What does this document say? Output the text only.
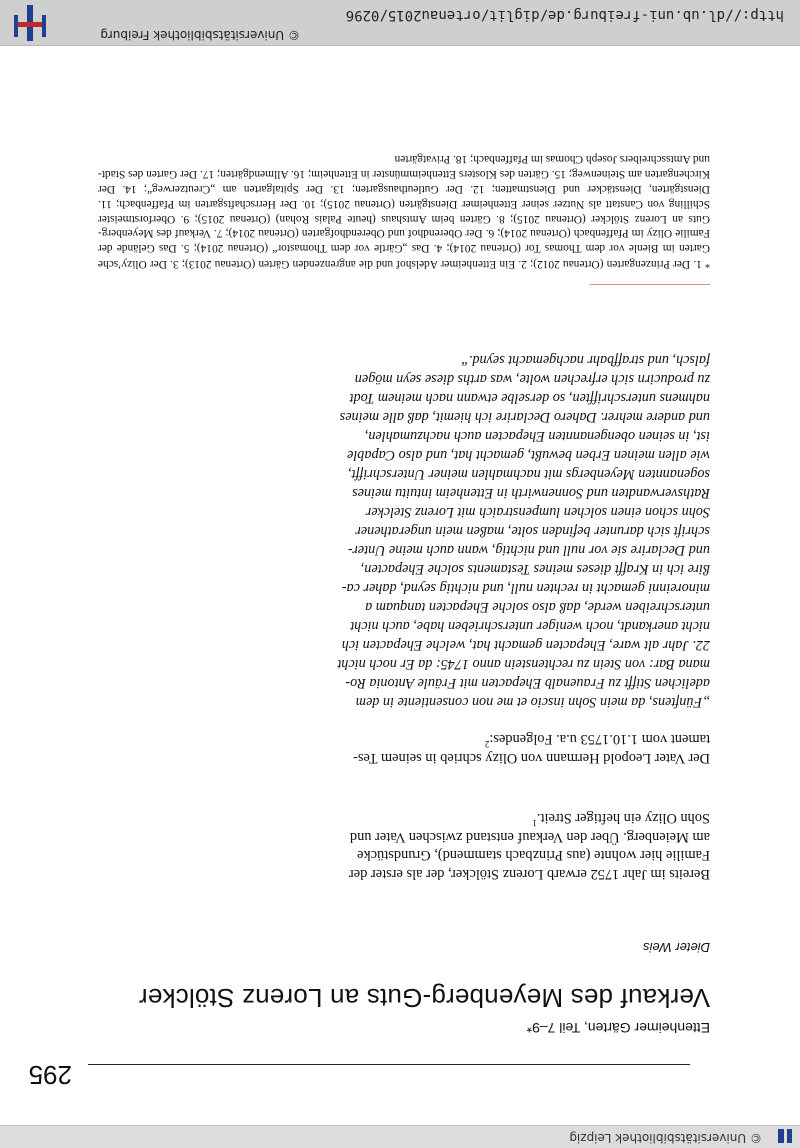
© Universitätsbibliothek Leipzig
295
Ettenheimer Gärten, Teil 7–9*
Verkauf des Meyenberg-Guts an Lorenz Stölcker
Dieter Weis

Bereits im Jahr 1752 erwarb Lorenz Stölcker, der als erster der

Familie hier wohnte (aus Prinzbach stammend), Grundstücke

am Meienberg. Über den Verkauf entstand zwischen Vater und

Sohn Olizy ein heftiger Streit.$^1$

Der Vater Leopold Hermann von Olizy schrieb in seinem Tes-

tament vom 1.10.1753 u.a. Folgendes:$^2$

„Fünftens, da mein Sohn inscio et me non consentiente in dem
adelichen Stifft zu Frauenalb Ehepacten mit Fräule Antonia Ro-
mana Bar: von Stein zu rechtenstein anno 1745: da Er noch nicht
22. Jahr alt ware, Ehepacten gemacht hat, welche Ehepacten ich
nicht anerkandt, noch weniger unterschrieben habe, auch nicht
unterschreiben werde, daß also solche Ehepacten tanquam a
minoreinni gemacht in rechten null, und nichtig seynd, daher ca-
ßire ich in Krafft dieses meines Testaments solche Ehepacten,
und Declarire sie vor null und nichtig, wann auch meine Unter-
schrift sich darunter befinden solte, maßen mein ungerathener
Sohn schon einen solchen lumpenstraich mit Lorenz Stelcker
Rathsverwandten und Sonnenwirth in Ettenheim intuitu meines
sogenannten Meyenbergs mit nachmahlen meiner Unterschrifft,
wie allen meinen Erben bewußt, gemacht hat, und also Capable
ist, in seinen obengenannten Ehepacten auch nachzumahlen,
und andere mehrer. Dahero Declarire ich hiemit, daß alle meines
nahmens unterschrifften, so derselbe etwann nach meinem Todt
zu producirn sich erfrechen wolte, was arths diese seyn mögen
falsch, und straffbahr nachgemacht seynd.“

* 1. Der Prinzengarten (Ortenau 2012); 2. Ein Ettenheimer Adelshof und die angrenzenden Gärten (Ortenau 2013); 3. Der Olizy’sche Garten im Bienle vor dem Thomas Tor (Ortenau 2014); 4. Das „Gärtle vor dem Thomastor“ (Ortenau 2014); 5. Das Gelände der Familie Olizy im Pfaffenbach (Ortenau 2014); 6. Der Oberendhof und Oberendhofgarten (Ortenau 2014); 7. Verkauf des Meyenberg-Guts an Lorenz Stölcker (Ortenau 2015); 8. Gärten beim Amtshaus (heute Palais Rohan) (Ortenau 2015); 9. Oberforstmeister Schilling von Canstatt als Nutzer seiner Ettenheimer Dienstgärten (Ortenau 2015); 10. Der Herrschaftsgarten im Pfaffenbach; 11. Dienstgärten, Dienstäcker und Dienstmatten; 12. Der Gutleuthausgarten; 13. Der Spitalgarten am „Creutzerweg“; 14. Der Kirchengarten am Steinenweg; 15. Gärten des Klosters Ettenheimmünster in Ettenheim; 16. Allmendgärten; 17. Der Garten des Stadt- und Amtsschreibers Joseph Chomas im Pfaffenbach; 18. Privatgärten

© Universitätsbibliothek Freiburg
http://dl.ub.uni-freiburg.de/diglit/ortenau2015/0296
